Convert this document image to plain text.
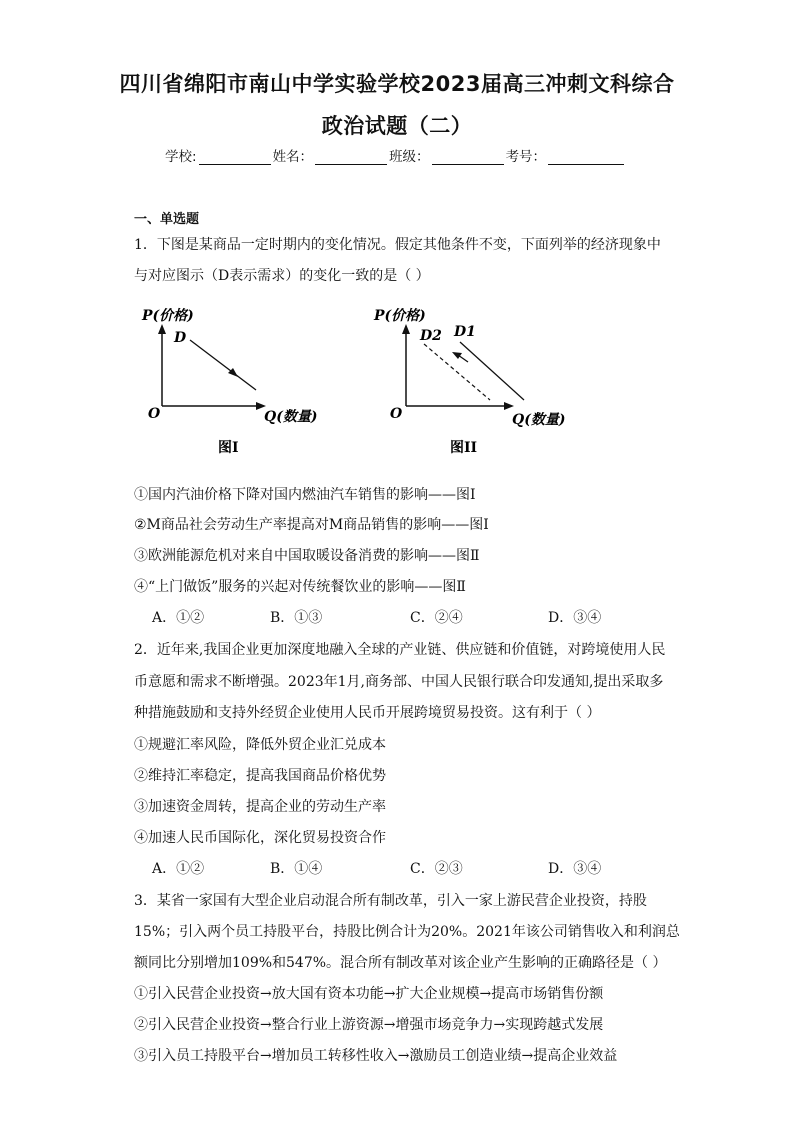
四川省绵阳市南山中学实验学校2023届高三冲刺文科综合
政治试题（二）
学校:	姓名：	班级：	考号：
一、单选题
1．下图是某商品一定时期内的变化情况。假定其他条件不变，下面列举的经济现象中
与对应图示（D表示需求）的变化一致的是（ ）
P(价格)
O	Q(数量)
D
图I
P(价格)
O	Q(数量)
D2 D1
图II
①国内汽油价格下降对国内燃油汽车销售的影响——图I
②M商品社会劳动生产率提高对M商品销售的影响——图I
③欧洲能源危机对来自中国取暖设备消费的影响——图Ⅱ
④“上门做饭”服务的兴起对传统餐饮业的影响——图Ⅱ
A．①②	B．①③	C．②④	D．③④
2．近年来,我国企业更加深度地融入全球的产业链、供应链和价值链，对跨境使用人民
币意愿和需求不断增强。2023年1月,商务部、中国人民银行联合印发通知,提出采取多
种措施鼓励和支持外经贸企业使用人民币开展跨境贸易投资。这有利于（ ）
①规避汇率风险，降低外贸企业汇兑成本
②维持汇率稳定，提高我国商品价格优势
③加速资金周转，提高企业的劳动生产率
④加速人民币国际化，深化贸易投资合作
A．①②	B．①④	C．②③	D．③④
3．某省一家国有大型企业启动混合所有制改革，引入一家上游民营企业投资，持股
15%；引入两个员工持股平台，持股比例合计为20%。2021年该公司销售收入和利润总
额同比分别增加109%和547%。混合所有制改革对该企业产生影响的正确路径是（ ）
①引入民营企业投资→放大国有资本功能→扩大企业规模→提高市场销售份额
②引入民营企业投资→整合行业上游资源→增强市场竞争力→实现跨越式发展
③引入员工持股平台→增加员工转移性收入→激励员工创造业绩→提高企业效益
